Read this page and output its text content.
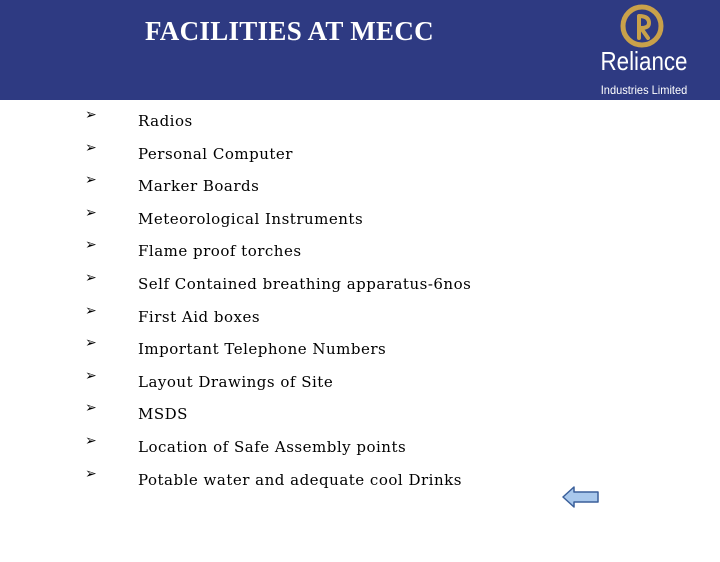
FACILITIES AT MECC
Reliance
Industries Limited
➢	Radios
➢	Personal Computer
➢	Marker Boards
➢	Meteorological Instruments
➢	Flame proof torches
➢	Self Contained breathing apparatus-6nos
➢	First Aid boxes
➢	Important Telephone Numbers
➢	Layout Drawings of Site
➢	MSDS
➢	Location of Safe Assembly points
➢	Potable water and adequate cool Drinks
